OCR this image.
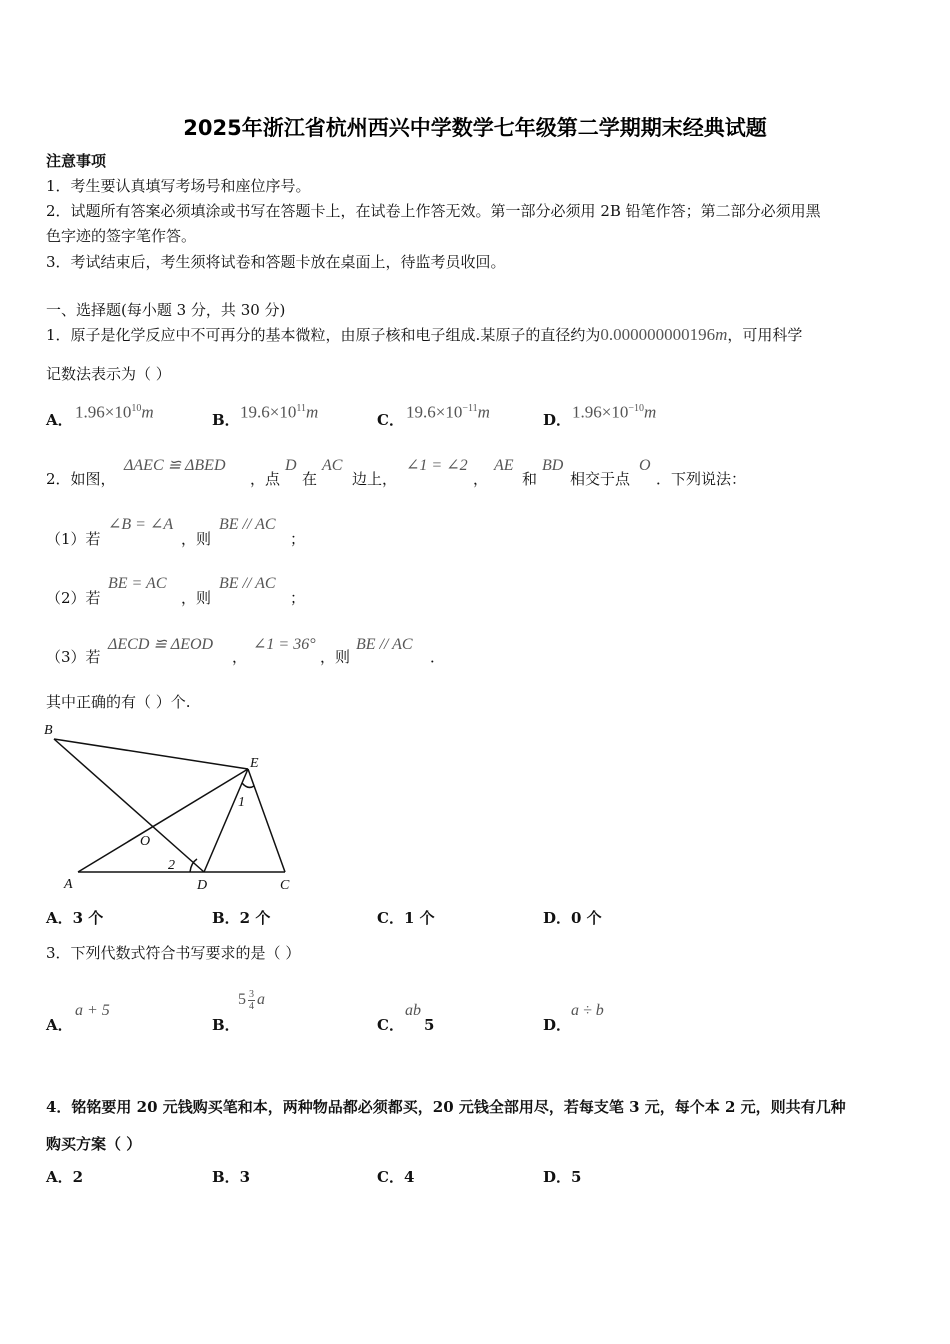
2025年浙江省杭州西兴中学数学七年级第二学期期末经典试题
注意事项
1．考生要认真填写考场号和座位序号。
2．试题所有答案必须填涂或书写在答题卡上，在试卷上作答无效。第一部分必须用 2B 铅笔作答；第二部分必须用黑
色字迹的签字笔作答。
3．考试结束后，考生须将试卷和答题卡放在桌面上，待监考员收回。
一、选择题(每小题 3 分，共 30 分)
1．原子是化学反应中不可再分的基本微粒，由原子核和电子组成.某原子的直径约为0.000000000196m，可用科学
记数法表示为（ ）
A． $1.96\times 10^{10}m$	B． $19.6\times 10^{11}m$	C． $19.6\times 10^{-11}m$	D． $1.96\times 10^{-10}m$
2．如图，
ΔAEC ≌ ΔBED
，点
D
在
AC
边上，
∠1 = ∠2
，
AE
和
BD
相交于点
O
．下列说法：
（1）若
∠B = ∠A
，则
BE // AC
；
（2）若
BE = AC
，则
BE // AC
；
（3）若
ΔECD ≌ ΔEOD
，
∠1 = 36°
，则
BE // AC
．
其中正确的有（ ）个.
B
E
O
1
2
A	D	C
A．3 个	B．2 个	C．1 个	D．0 个
3．下列代数式符合书写要求的是（ ）
A．
a + 5
B．
5 3
4 a
C．
ab
5	D．
a ÷ b
4．铭铭要用 20 元钱购买笔和本，两种物品都必须都买，20 元钱全部用尽，若每支笔 3 元，每个本 2 元，则共有几种
购买方案（ ）
A．2	B．3	C．4	D．5
